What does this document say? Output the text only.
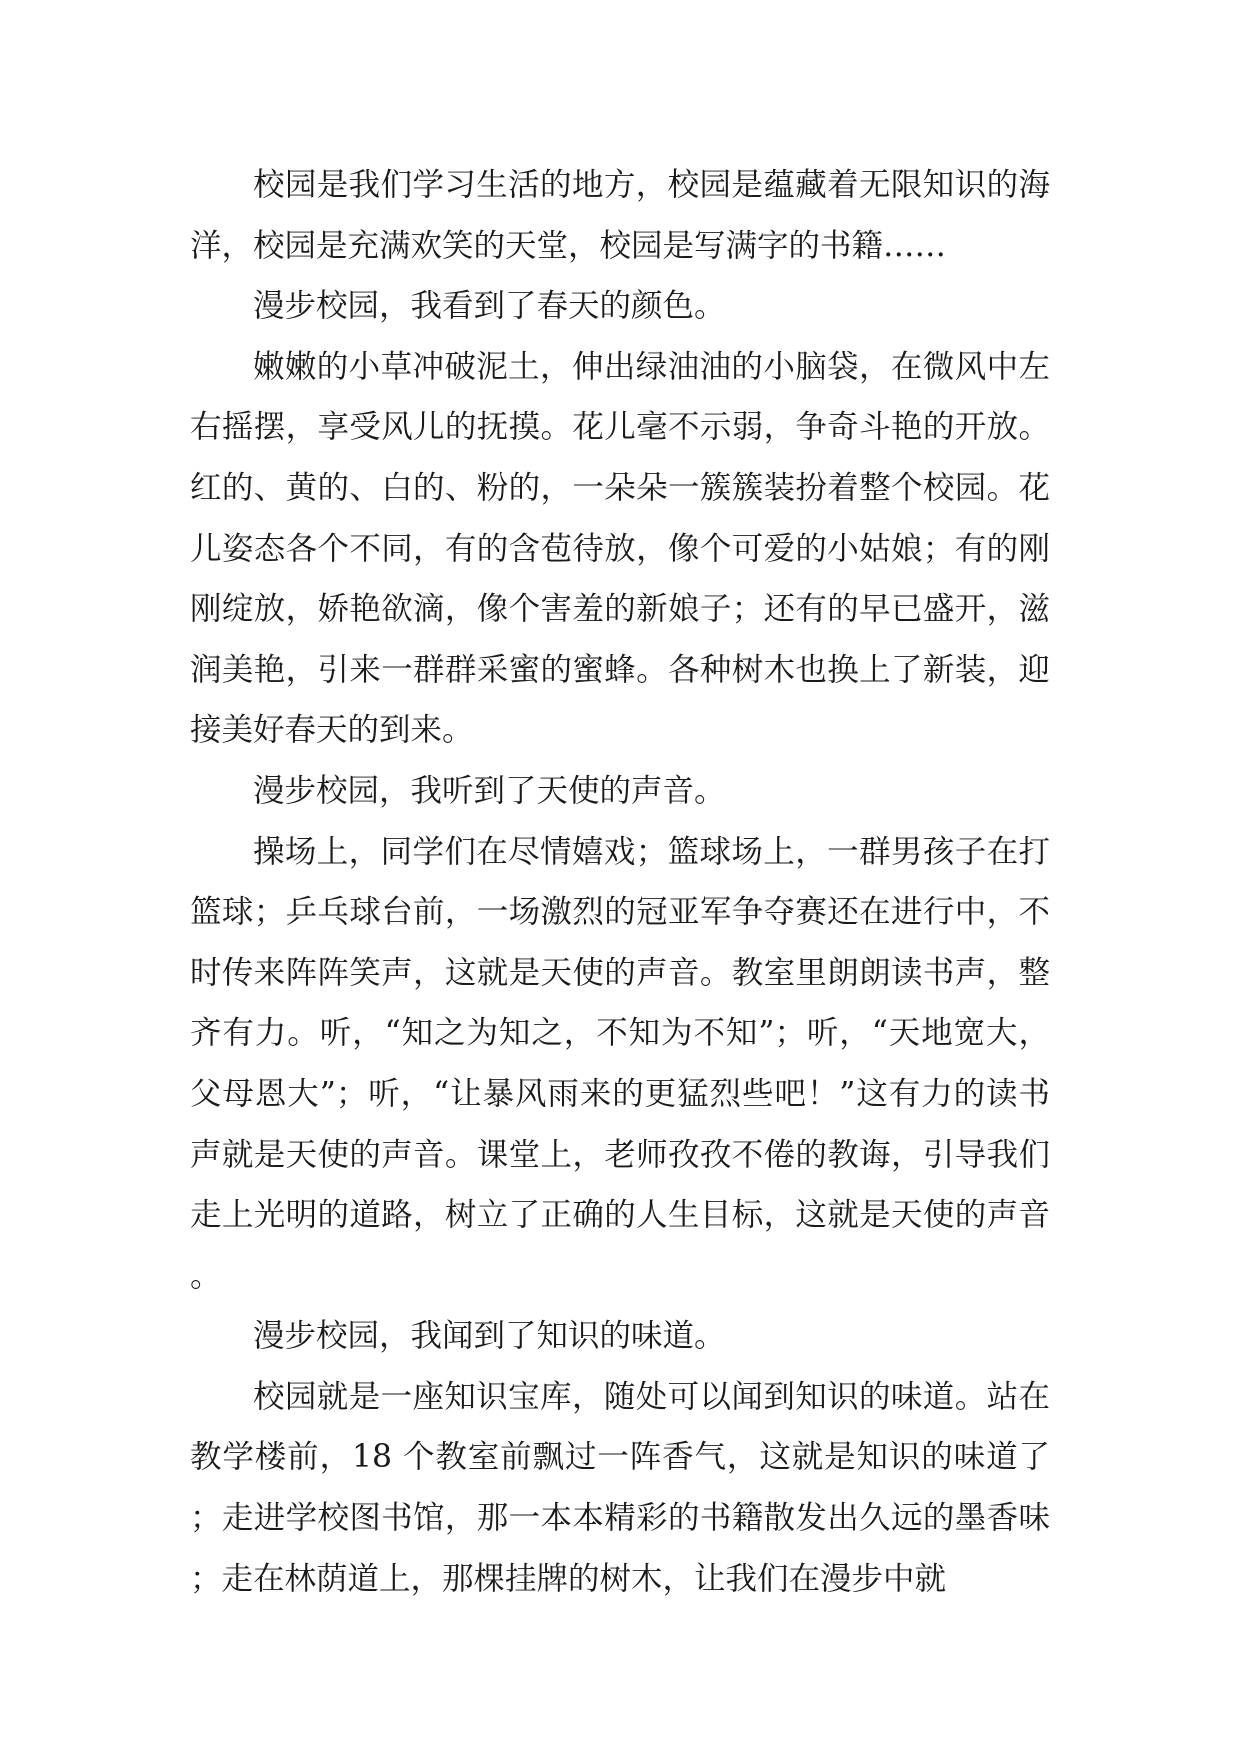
校园是我们学习生活的地方，校园是蕴藏着无限知识的海洋，校园是充满欢笑的天堂，校园是写满字的书籍……

漫步校园，我看到了春天的颜色。

嫩嫩的小草冲破泥土，伸出绿油油的小脑袋，在微风中左右摇摆，享受风儿的抚摸。花儿毫不示弱，争奇斗艳的开放。红的、黄的、白的、粉的，一朵朵一簇簇装扮着整个校园。花儿姿态各个不同，有的含苞待放，像个可爱的小姑娘；有的刚刚绽放，娇艳欲滴，像个害羞的新娘子；还有的早已盛开，滋润美艳，引来一群群采蜜的蜜蜂。各种树木也换上了新装，迎接美好春天的到来。

漫步校园，我听到了天使的声音。

操场上，同学们在尽情嬉戏；篮球场上，一群男孩子在打篮球；乒乓球台前，一场激烈的冠亚军争夺赛还在进行中，不时传来阵阵笑声，这就是天使的声音。教室里朗朗读书声，整齐有力。听，“知之为知之，不知为不知”；听，“天地宽大，父母恩大”；听，“让暴风雨来的更猛烈些吧！”这有力的读书声就是天使的声音。课堂上，老师孜孜不倦的教诲，引导我们走上光明的道路，树立了正确的人生目标，这就是天使的声音。

漫步校园，我闻到了知识的味道。

校园就是一座知识宝库，随处可以闻到知识的味道。站在教学楼前，18 个教室前飘过一阵香气，这就是知识的味道了；走进学校图书馆，那一本本精彩的书籍散发出久远的墨香味；走在林荫道上，那棵挂牌的树木，让我们在漫步中就
